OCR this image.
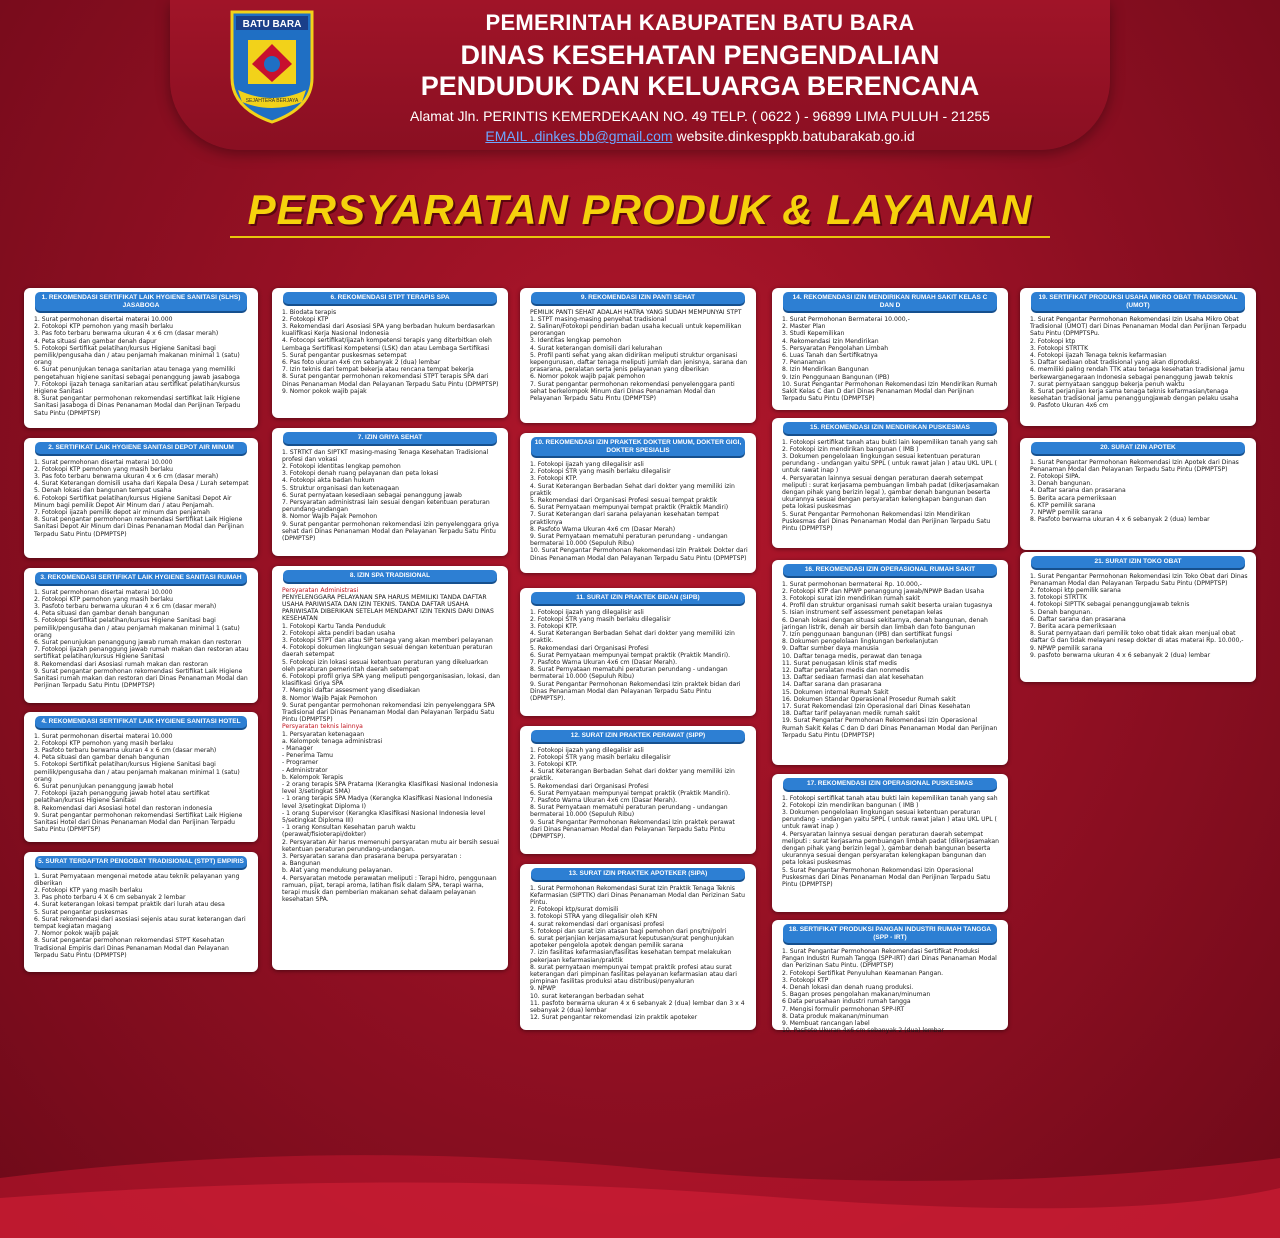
BATU BARA
SEJAHTERA BERJAYA
PEMERINTAH KABUPATEN BATU BARA
DINAS KESEHATAN PENGENDALIAN
PENDUDUK DAN KELUARGA BERENCANA
Alamat Jln. PERINTIS KEMERDEKAAN NO. 49 TELP. ( 0622 ) - 96899 LIMA PULUH - 21255
EMAIL .dinkes.bb@gmail.com website.dinkesppkb.batubarakab.go.id
PERSYARATAN PRODUK & LAYANAN
1. REKOMENDASI SERTIFIKAT LAIK HYGIENE SANITASI (SLHS) JASABOGA
1. Surat permohonan disertai materai 10.000
2. Fotokopi KTP pemohon yang masih berlaku
3. Pas foto terbaru berwarna ukuran 4 x 6 cm (dasar merah)
4. Peta situasi dan gambar denah dapur
5. Fotokopi Sertifikat pelatihan/kursus Higiene Sanitasi bagi pemilik/pengusaha dan / atau penjamah makanan minimal 1 (satu) orang
6. Surat penunjukan tenaga sanitarian atau tenaga yang memiliki pengetahuan higiene sanitasi sebagai penanggung jawab jasaboga
7. Fotokopi ijazah tenaga sanitarian atau sertifikat pelatihan/kursus Higiene Sanitasi
8. Surat pengantar permohonan rekomendasi sertifikat laik Higiene Sanitasi Jasaboga di Dinas Penanaman Modal dan Perijinan Terpadu Satu Pintu (DPMPTSP)
2. SERTIFIKAT LAIK HYGIENE SANITASI DEPOT AIR MINUM
1. Surat permohonan disertai materai 10.000
2. Fotokopi KTP pemohon yang masih berlaku
3. Pas foto terbaru berwarna ukuran 4 x 6 cm (dasar merah)
4. Surat Keterangan domisili usaha dari Kepala Desa / Lurah setempat
5. Denah lokasi dan bangunan tempat usaha
6. Fotokopi Sertifikat pelatihan/kursus Higiene Sanitasi Depot Air Minum bagi pemilik Depot Air Minum dan / atau Penjamah.
7. Fotokopi ijazah pemilik depot air minum dan penjamah
8. Surat pengantar permohonan rekomendasi Sertifikat Laik Higiene Sanitasi Depot Air Minum dari Dinas Penanaman Modal dan Perijinan Terpadu Satu Pintu (DPMPTSP)
3. REKOMENDASI SERTIFIKAT LAIK HYGIENE SANITASI RUMAH
1. Surat permohonan disertai materai 10.000
2. Fotokopi KTP pemohon yang masih berlaku
3. Pasfoto terbaru berwarna ukuran 4 x 6 cm (dasar merah)
4. Peta situasi dan gambar denah bangunan
5. Fotokopi Sertifikat pelatihan/kursus Higiene Sanitasi bagi pemilik/pengusaha dan / atau penjamah makanan minimal 1 (satu) orang
6. Surat penunjukan penanggung jawab rumah makan dan restoran
7. Fotokopi ijazah penanggung jawab rumah makan dan restoran atau sertifikat pelatihan/kursus Higiene Sanitasi
8. Rekomendasi dari Asosiasi rumah makan dan restoran
9. Surat pengantar permohonan rekomendasi Sertifikat Laik Higiene Sanitasi rumah makan dan restoran dari Dinas Penanaman Modal dan Perijinan Terpadu Satu Pintu (DPMPTSP)
4. REKOMENDASI SERTIFIKAT LAIK HYGIENE SANITASI HOTEL
1. Surat permohonan disertai materai 10.000
2. Fotokopi KTP pemohon yang masih berlaku
3. Pasfoto terbaru berwarna ukuran 4 x 6 cm (dasar merah)
4. Peta situasi dan gambar denah bangunan
5. Fotokopi Sertifikat pelatihan/kursus Higiene Sanitasi bagi pemilik/pengusaha dan / atau penjamah makanan minimal 1 (satu) orang
6. Surat penunjukan penanggung jawab hotel
7. Fotokopi ijazah penanggung jawab hotel atau sertifikat pelatihan/kursus Higiene Sanitasi
8. Rekomendasi dari Asosiasi hotel dan restoran indonesia
9. Surat pengantar permohonan rekomendasi Sertifikat Laik Higiene Sanitasi Hotel dari Dinas Penanaman Modal dan Perijinan Terpadu Satu Pintu (DPMPTSP)
5. SURAT TERDAFTAR PENGOBAT TRADISIONAL (STPT) EMPIRIS
1. Surat Pernyataan mengenai metode atau teknik pelayanan yang diberikan
2. Fotokopi KTP yang masih berlaku
3. Pas photo terbaru 4 X 6 cm sebanyak 2 lembar
4. Surat keterangan lokasi tempat praktik dari lurah atau desa
5. Surat pengantar puskesmas
6. Surat rekomendasi dari asosiasi sejenis atau surat keterangan dari tempat kegiatan magang
7. Nomor pokok wajib pajak
8. Surat pengantar permohonan rekomendasi STPT Kesehatan Tradisional Empiris dari Dinas Penanaman Modal dan Pelayanan Terpadu Satu Pintu (DPMPTSP)
6. REKOMENDASI STPT TERAPIS SPA
1. Biodata terapis
2. Fotokopi KTP
3. Rekomendasi dari Asosiasi SPA yang berbadan hukum berdasarkan kualifikasi Kerja Nasional Indonesia
4. Fotocopi sertifikat/ijazah kompetensi terapis yang diterbitkan oleh Lembaga Sertifikasi Kompetensi (LSK) dan atau Lembaga Sertifikasi
5. Surat pengantar puskesmas setempat
6. Pas foto ukuran 4x6 cm sebanyak 2 (dua) lembar
7. Izin teknis dari tempat bekerja atau rencana tempat bekerja
8. Surat pengantar permohonan rekomendasi STPT terapis SPA dari Dinas Penanaman Modal dan Pelayanan Terpadu Satu Pintu (DPMPTSP)
9. Nomor pokok wajib pajak
7. IZIN GRIYA SEHAT
1. STRTKT dan SIPTKT masing-masing Tenaga Kesehatan Tradisional profesi dan vokasi
2. Fotokopi identitas lengkap pemohon
3. Fotokopi denah ruang pelayanan dan peta lokasi
4. Fotokopi akta badan hukum
5. Struktur organisasi dan ketenagaan
6. Surat pernyataan kesediaan sebagai penanggung jawab
7. Persyaratan administrasi lain sesuai dengan ketentuan peraturan perundang-undangan
8. Nomor Wajib Pajak Pemohon
9. Surat pengantar permohonan rekomendasi izin penyelenggara griya sehat dari Dinas Penanaman Modal dan Pelayanan Terpadu Satu Pintu (DPMPTSP)
8. IZIN SPA TRADISIONAL
Persyaratan Administrasi
PENYELENGGARA PELAYANAN SPA HARUS MEMILIKI TANDA DAFTAR USAHA PARIWISATA DAN IZIN TEKNIS. TANDA DAFTAR USAHA PARIWISATA DIBERIKAN SETELAH MENDAPAT IZIN TEKNIS DARI DINAS KESEHATAN
1. Fotokopi Kartu Tanda Penduduk
2. Fotokopi akta pendiri badan usaha
3. Fotokopi STPT dan atau SIP tenaga yang akan memberi pelayanan
4. Fotokopi dokumen lingkungan sesuai dengan ketentuan peraturan daerah setempat
5. Fotokopi izin lokasi sesuai ketentuan peraturan yang dikeluarkan oleh peraturan pemerintah daerah setempat
6. Fotokopi profil griya SPA yang meliputi pengorganisasian, lokasi, dan klasifikasi Griya SPA
7. Mengisi daftar assesment yang disediakan
8. Nomor Wajib Pajak Pemohon
9. Surat pengantar permohonan rekomendasi izin penyelenggara SPA Tradisional dari Dinas Penanaman Modal dan Pelayanan Terpadu Satu Pintu (DPMPTSP)
Persyaratan teknis lainnya
1. Persyaratan ketenagaan
a. Kelompok tenaga administrasi
- Manager
- Penerima Tamu
- Programer
- Administrator
b. Kelompok Terapis
- 2 orang terapis SPA Pratama (Kerangka Klasifikasi Nasional Indonesia level 3/setingkat SMA)
- 1 orang terapis SPA Madya (Kerangka Klasifikasi Nasional Indonesia level 3/setingkat Diploma I)
- 1 orang Supervisor (Kerangka Klasifikasi Nasional Indonesia level 5/setingkat Diploma III)
- 1 orang Konsultan Kesehatan paruh waktu (perawat/fisioterapi/dokter)
2. Persyaratan Air harus memenuhi persyaratan mutu air bersih sesuai ketentuan peraturan perundang-undangan.
3. Persyaratan sarana dan prasarana berupa persyaratan :
a. Bangunan
b. Alat yang mendukung pelayanan.
4. Persyaratan metode perawatan meliputi : Terapi hidro, penggunaan ramuan, pijat, terapi aroma, latihan fisik dalam SPA, terapi warna, terapi musik dan pemberian makanan sehat dalaam pelayanan kesehatan SPA.
9. REKOMENDASI IZIN PANTI SEHAT
PEMILIK PANTI SEHAT ADALAH HATRA YANG SUDAH MEMPUNYAI STPT
1. STPT masing-masing penyehat tradisional
2. Salinan/Fotokopi pendirian badan usaha kecuali untuk kepemilikan perorangan
3. Identitas lengkap pemohon
4. Surat keterangan domisili dari kelurahan
5. Profil panti sehat yang akan didirikan meliputi struktur organisasi kepengurusan, daftar tenaga meliputi jumlah dan jenisnya, sarana dan prasarana, peralatan serta jenis pelayanan yang diberikan
6. Nomor pokok wajib pajak pemohon
7. Surat pengantar permohonan rekomendasi penyelenggara panti sehat berkelompok Minum dari Dinas Penanaman Modal dan Pelayanan Terpadu Satu Pintu (DPMPTSP)
10. REKOMENDASI IZIN PRAKTEK DOKTER UMUM, DOKTER GIGI, DOKTER SPESIALIS
1. Fotokopi ijazah yang dilegalisir asli
2. Fotokopi STR yang masih berlaku dilegalisir
3. Fotokopi KTP.
4. Surat Keterangan Berbadan Sehat dari dokter yang memiliki izin praktik
5. Rekomendasi dari Organisasi Profesi sesuai tempat praktik
6. Surat Pernyataan mempunyai tempat praktik (Praktik Mandiri)
7. Surat Keterangan dari sarana pelayanan kesehatan tempat praktiknya
8. Pasfoto Warna Ukuran 4x6 cm (Dasar Merah)
9. Surat Pernyataan mematuhi peraturan perundang - undangan bermaterai 10.000 (Sepuluh Ribu)
10. Surat Pengantar Permohonan Rekomendasi Izin Praktek Dokter dari Dinas Penanaman Modal dan Pelayanan Terpadu Satu Pintu (DPMPTSP)
11. SURAT IZIN PRAKTEK BIDAN (SIPB)
1. Fotokopi ijazah yang dilegalisir asli
2. Fotokopi STR yang masih berlaku dilegalisir
3. Fotokopi KTP.
4. Surat Keterangan Berbadan Sehat dari dokter yang memiliki izin praktik.
5. Rekomendasi dari Organisasi Profesi
6. Surat Pernyataan mempunyai tempat praktik (Praktik Mandiri).
7. Pasfoto Warna Ukuran 4x6 cm (Dasar Merah).
8. Surat Pernyataan mematuhi peraturan perundang - undangan bermaterai 10.000 (Sepuluh Ribu)
9. Surat Pengantar Permohonan Rekomendasi Izin praktek bidan dari Dinas Penanaman Modal dan Pelayanan Terpadu Satu Pintu (DPMPTSP).
12. SURAT IZIN PRAKTEK PERAWAT (SIPP)
1. Fotokopi ijazah yang dilegalisir asli
2. Fotokopi STR yang masih berlaku dilegalisir
3. Fotokopi KTP.
4. Surat Keterangan Berbadan Sehat dari dokter yang memiliki izin praktik.
5. Rekomendasi dari Organisasi Profesi
6. Surat Pernyataan mempunyai tempat praktik (Praktik Mandiri).
7. Pasfoto Warna Ukuran 4x6 cm (Dasar Merah).
8. Surat Pernyataan mematuhi peraturan perundang - undangan bermaterai 10.000 (Sepuluh Ribu)
9. Surat Pengantar Permohonan Rekomendasi Izin praktek perawat dari Dinas Penanaman Modal dan Pelayanan Terpadu Satu Pintu (DPMPTSP).
13. SURAT IZIN PRAKTEK APOTEKER (SIPA)
1. Surat Permohonan Rekomendasi Surat Izin Praktik Tenaga Teknis Kefarmasian (SIPTTK) dari Dinas Penanaman Modal dan Perizinan Satu Pintu.
2. Fotokopi ktp/surat domisili
3. fotokopi STRA yang dilegalisir oleh KFN
4. surat rekomendasi dari organisasi profesi
5. fotokopi dan surat izin atasan bagi pemohon dari pns/tni/polri
6. surat perjanjian kerjasama/surat keputusan/surat penghunjukan apoteker pengelola apotek dengan pemilik sarana
7. izin fasilitas kefarmasian/fasilitas kesehatan tempat melakukan pekerjaan kefarmasian/praktik
8. surat pernyataan mempunyai tempat praktik profesi atau surat keterangan dari pimpinan fasilitas pelayanan kefarmasian atau dari pimpinan fasilitas produksi atau distribusi/penyaluran
9. NPWP
10. surat keterangan berbadan sehat
11. pasfoto berwarna ukuran 4 x 6 sebanyak 2 (dua) lembar dan 3 x 4 sebanyak 2 (dua) lembar
12. Surat pengantar rekomendasi izin praktik apoteker
14. REKOMENDASI IZIN MENDIRIKAN RUMAH SAKIT KELAS C DAN D
1. Surat Permohonan Bermaterai 10.000,-
2. Master Plan
3. Studi Kepemilikan
4. Rekomendasi Izin Mendirikan
5. Persyaratan Pengolahan Limbah
6. Luas Tanah dan Sertifikatnya
7. Penanaman
8. Izin Mendirikan Bangunan
9. Izin Penggunaan Bangunan (IPB)
10. Surat Pengantar Permohonan Rekomendasi Izin Mendirikan Rumah Sakit Kelas C dan D dari Dinas Penanaman Modal dan Perijinan Terpadu Satu Pintu (DPMPTSP)
15. REKOMENDASI IZIN MENDIRIKAN PUSKESMAS
1. Fotokopi sertifikat tanah atau bukti lain kepemilikan tanah yang sah
2. Fotokopi izin mendirikan bangunan ( IMB )
3. Dokumen pengelolaan lingkungan sesuai ketentuan peraturan perundang - undangan yaitu SPPL ( untuk rawat jalan ) atau UKL UPL ( untuk rawat inap )
4. Persyaratan lainnya sesuai dengan peraturan daerah setempat meliputi : surat kerjasama pembuangan limbah padat (dikerjasamakan dengan pihak yang berizin legal ), gambar denah bangunan beserta ukurannya sesuai dengan persyaratan kelengkapan bangunan dan peta lokasi puskesmas
5. Surat Pengantar Permohonan Rekomendasi Izin Mendirikan Puskesmas dari Dinas Penanaman Modal dan Perijinan Terpadu Satu Pintu (DPMPTSP)
16. REKOMENDASI IZIN OPERASIONAL RUMAH SAKIT
1. Surat permohonan bermaterai Rp. 10.000,-
2. Fotokopi KTP dan NPWP penanggung jawab/NPWP Badan Usaha
3. Fotokopi surat izin mendirikan rumah sakit
4. Profil dan struktur organisasi rumah sakit beserta uraian tugasnya
5. Isian instrument self assessment penetapan kelas
6. Denah lokasi dengan situasi sekitarnya, denah bangunan, denah jaringan listrik, denah air bersih dan limbah dan foto bangunan
7. Izin penggunaan bangunan (IPB) dan sertifikat fungsi
8. Dokumen pengelolaan lingkungan berkelanjutan
9. Daftar sumber daya manusia
10. Daftar tenaga medis, perawat dan tenaga
11. Surat penugasan klinis staf medis
12. Daftar peralatan medis dan nonmedis
13. Daftar sediaan farmasi dan alat kesehatan
14. Daftar sarana dan prasarana
15. Dokumen internal Rumah Sakit
16. Dokumen Standar Operasional Prosedur Rumah sakit
17. Surat Rekomendasi Izin Operasional dari Dinas Kesehatan
18. Daftar tarif pelayanan medik rumah sakit
19. Surat Pengantar Permohonan Rekomendasi Izin Operasional Rumah Sakit Kelas C dan D dari Dinas Penanaman Modal dan Perijinan Terpadu Satu Pintu (DPMPTSP)
17. REKOMENDASI IZIN OPERASIONAL PUSKESMAS
1. Fotokopi sertifikat tanah atau bukti lain kepemilikan tanah yang sah
2. Fotokopi izin mendirikan bangunan ( IMB )
3. Dokumen pengelolaan lingkungan sesuai ketentuan peraturan perundang - undangan yaitu SPPL ( untuk rawat jalan ) atau UKL UPL ( untuk rawat inap )
4. Persyaratan lainnya sesuai dengan peraturan daerah setempat meliputi : surat kerjasama pembuangan limbah padat (dikerjasamakan dengan pihak yang berizin legal ), gambar denah bangunan beserta ukurannya sesuai dengan persyaratan kelengkapan bangunan dan peta lokasi puskesmas
5. Surat Pengantar Permohonan Rekomendasi Izin Operasional Puskesmas dari Dinas Penanaman Modal dan Perijinan Terpadu Satu Pintu (DPMPTSP)
18. SERTIFIKAT PRODUKSI PANGAN INDUSTRI RUMAH TANGGA (SPP - IRT)
1. Surat Pengantar Permohonan Rekomendasi Sertifikat Produksi Pangan Industri Rumah Tangga (SPP-IRT) dari Dinas Penanaman Modal dan Perizinan Satu Pintu. (DPMPTSP)
2. Fotokopi Sertifikat Penyuluhan Keamanan Pangan.
3. Fotokopi KTP
4. Denah lokasi dan denah ruang produksi.
5. Bagan proses pengolahan makanan/minuman
6 Data perusahaan industri rumah tangga
7. Mengisi formulir permohonan SPP-IRT
8. Data produk makanan/minuman
9. Membuat rancangan label
10. PasFoto Ukuran 4x6 cm sebanyak 2 (dua) lembar
19. SERTIFIKAT PRODUKSI USAHA MIKRO OBAT TRADISIONAL (UMOT)
1. Surat Pengantar Permohonan Rekomendasi Izin Usaha Mikro Obat Tradisional (UMOT) dari Dinas Penanaman Modal dan Perijinan Terpadu Satu Pintu (DPMPTSPu.
2. Fotokopi ktp
3. Fotokopi STRTTK
4. Fotokopi ijazah Tenaga teknis kefarmasian
5. Daftar sediaan obat tradisional yang akan diproduksi.
6. memiliki paling rendah TTK atau tenaga kesehatan tradisional jamu berkewarganegaraan Indonesia sebagai penanggung jawab teknis
7. surat pernyataan sanggup bekerja penuh waktu
8. Surat perjanjian kerja sama tenaga teknis kefarmasian/tenaga kesehatan tradisional jamu penanggungjawab dengan pelaku usaha
9. Pasfoto Ukuran 4x6 cm
20. SURAT IZIN APOTEK
1. Surat Pengantar Permohonan Rekomendasi Izin Apotek dari Dinas Penanaman Modal dan Pelayanan Terpadu Satu Pintu (DPMPTSP)
2. Fotokopi SIPA.
3. Denah bangunan.
4. Daftar sarana dan prasarana
5. Berita acara pemeriksaan
6. KTP pemilik sarana
7. NPWP pemilik sarana
8. Pasfoto berwarna ukuran 4 x 6 sebanyak 2 (dua) lembar
21. SURAT IZIN TOKO OBAT
1. Surat Pengantar Permohonan Rekomendasi Izin Toko Obat dari Dinas Penanaman Modal dan Pelayanan Terpadu Satu Pintu (DPMPTSP)
2. fotokopi ktp pemilik sarana
3. fotokopi STRTTK
4. fotokopi SIPTTK sebagai penanggungjawab teknis
5. Denah bangunan.
6. Daftar sarana dan prasarana
7. Berita acara pemeriksaan
8. Surat pernyataan dari pemilik toko obat tidak akan menjual obat daftar G dan tidak melayani resep dokter di atas materai Rp. 10.000,-
9. NPWP pemilik sarana
9. pasfoto berwarna ukuran 4 x 6 sebanyak 2 (dua) lembar
